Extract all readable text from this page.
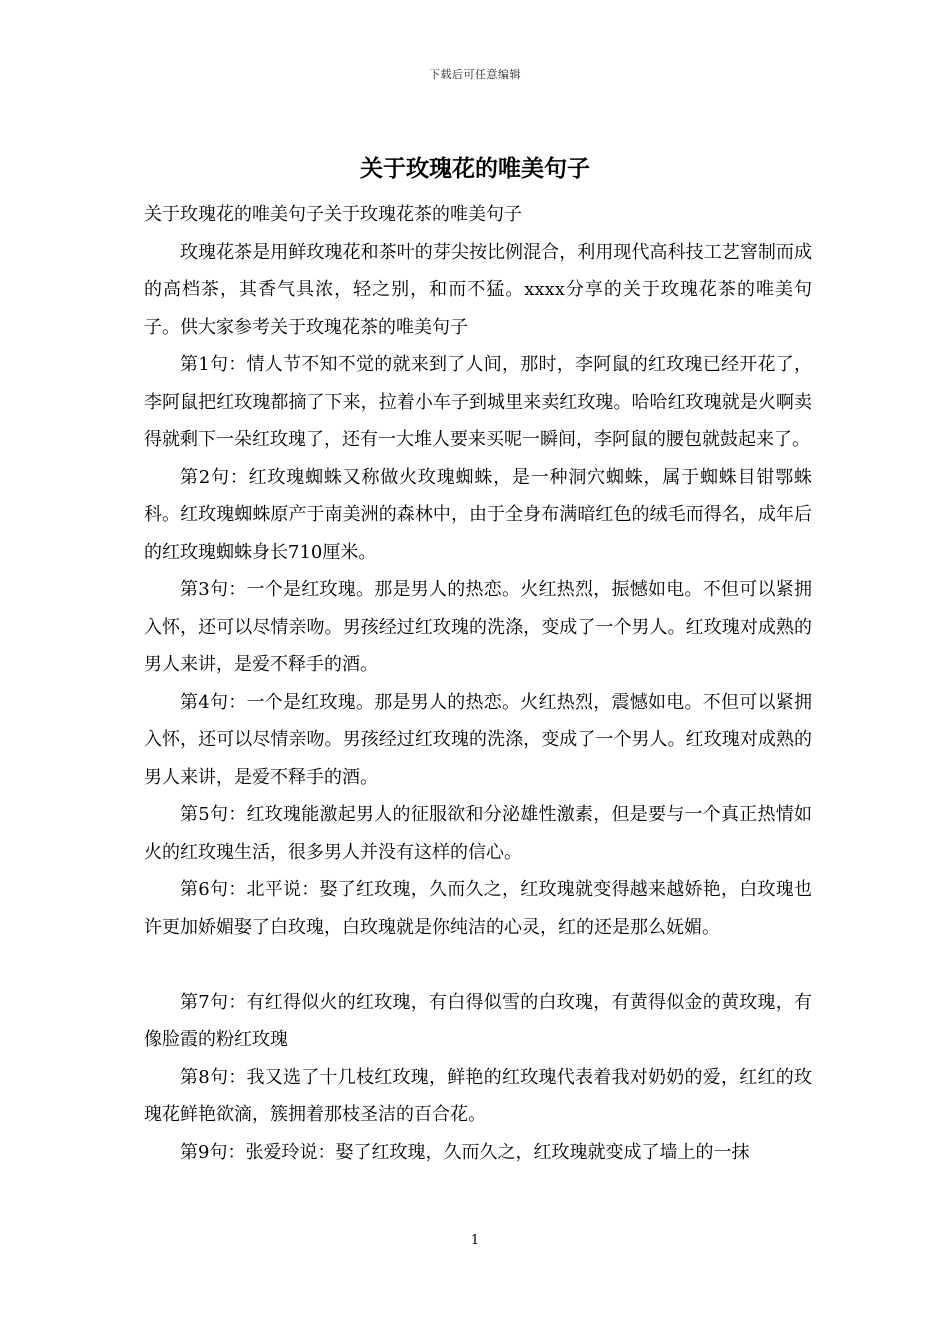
下载后可任意编辑
关于玫瑰花的唯美句子

关于玫瑰花的唯美句子关于玫瑰花茶的唯美句子

玫瑰花茶是用鲜玫瑰花和茶叶的芽尖按比例混合，利用现代高科技工艺窨制而成的高档茶，其香气具浓，轻之别，和而不猛。xxxx分享的关于玫瑰花茶的唯美句子。供大家参考关于玫瑰花茶的唯美句子

第1句：情人节不知不觉的就来到了人间，那时，李阿鼠的红玫瑰已经开花了，李阿鼠把红玫瑰都摘了下来，拉着小车子到城里来卖红玫瑰。哈哈红玫瑰就是火啊卖得就剩下一朵红玫瑰了，还有一大堆人要来买呢一瞬间，李阿鼠的腰包就鼓起来了。

第2句：红玫瑰蜘蛛又称做火玫瑰蜘蛛，是一种洞穴蜘蛛，属于蜘蛛目钳鄂蛛科。红玫瑰蜘蛛原产于南美洲的森林中，由于全身布满暗红色的绒毛而得名，成年后的红玫瑰蜘蛛身长710厘米。

第3句：一个是红玫瑰。那是男人的热恋。火红热烈，振憾如电。不但可以紧拥入怀，还可以尽情亲吻。男孩经过红玫瑰的洗涤，变成了一个男人。红玫瑰对成熟的男人来讲，是爱不释手的酒。

第4句：一个是红玫瑰。那是男人的热恋。火红热烈，震憾如电。不但可以紧拥入怀，还可以尽情亲吻。男孩经过红玫瑰的洗涤，变成了一个男人。红玫瑰对成熟的男人来讲，是爱不释手的酒。

第5句：红玫瑰能激起男人的征服欲和分泌雄性激素，但是要与一个真正热情如火的红玫瑰生活，很多男人并没有这样的信心。

第6句：北平说：娶了红玫瑰，久而久之，红玫瑰就变得越来越娇艳，白玫瑰也许更加娇媚娶了白玫瑰，白玫瑰就是你纯洁的心灵，红的还是那么妩媚。

第7句：有红得似火的红玫瑰，有白得似雪的白玫瑰，有黄得似金的黄玫瑰，有像脸霞的粉红玫瑰

第8句：我又选了十几枝红玫瑰，鲜艳的红玫瑰代表着我对奶奶的爱，红红的玫瑰花鲜艳欲滴，簇拥着那枝圣洁的百合花。

第9句：张爱玲说：娶了红玫瑰，久而久之，红玫瑰就变成了墙上的一抹

1
